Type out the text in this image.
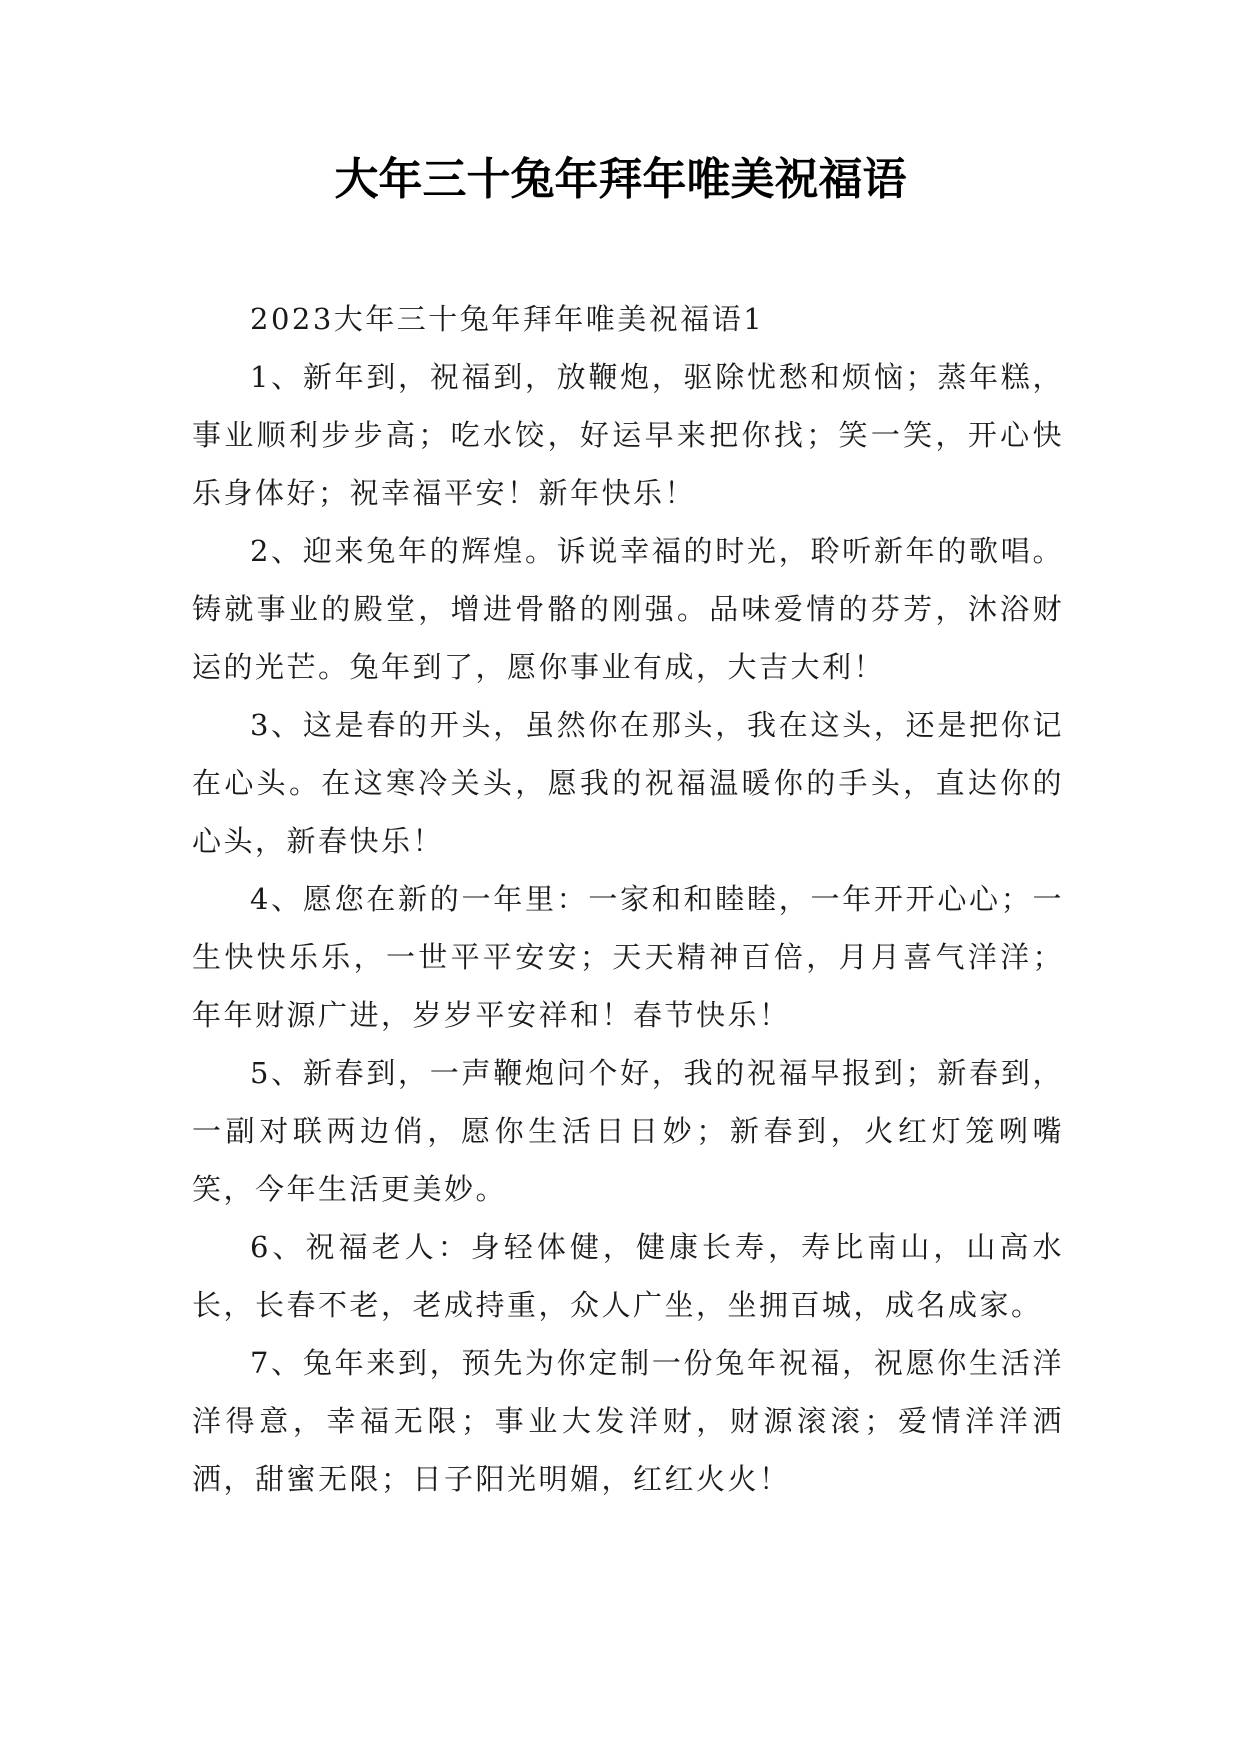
大年三十兔年拜年唯美祝福语

2023大年三十兔年拜年唯美祝福语1

1、新年到，祝福到，放鞭炮，驱除忧愁和烦恼；蒸年糕，事业顺利步步高；吃水饺，好运早来把你找；笑一笑，开心快乐身体好；祝幸福平安！新年快乐！

2、迎来兔年的辉煌。诉说幸福的时光，聆听新年的歌唱。铸就事业的殿堂，增进骨骼的刚强。品味爱情的芬芳，沐浴财运的光芒。兔年到了，愿你事业有成，大吉大利！

3、这是春的开头，虽然你在那头，我在这头，还是把你记在心头。在这寒冷关头，愿我的祝福温暖你的手头，直达你的心头，新春快乐！

4、愿您在新的一年里：一家和和睦睦，一年开开心心；一生快快乐乐，一世平平安安；天天精神百倍，月月喜气洋洋；年年财源广进，岁岁平安祥和！春节快乐！

5、新春到，一声鞭炮问个好，我的祝福早报到；新春到，一副对联两边俏，愿你生活日日妙；新春到，火红灯笼咧嘴笑，今年生活更美妙。

6、祝福老人：身轻体健，健康长寿，寿比南山，山高水长，长春不老，老成持重，众人广坐，坐拥百城，成名成家。

7、兔年来到，预先为你定制一份兔年祝福，祝愿你生活洋洋得意，幸福无限；事业大发洋财，财源滚滚；爱情洋洋洒洒，甜蜜无限；日子阳光明媚，红红火火！
